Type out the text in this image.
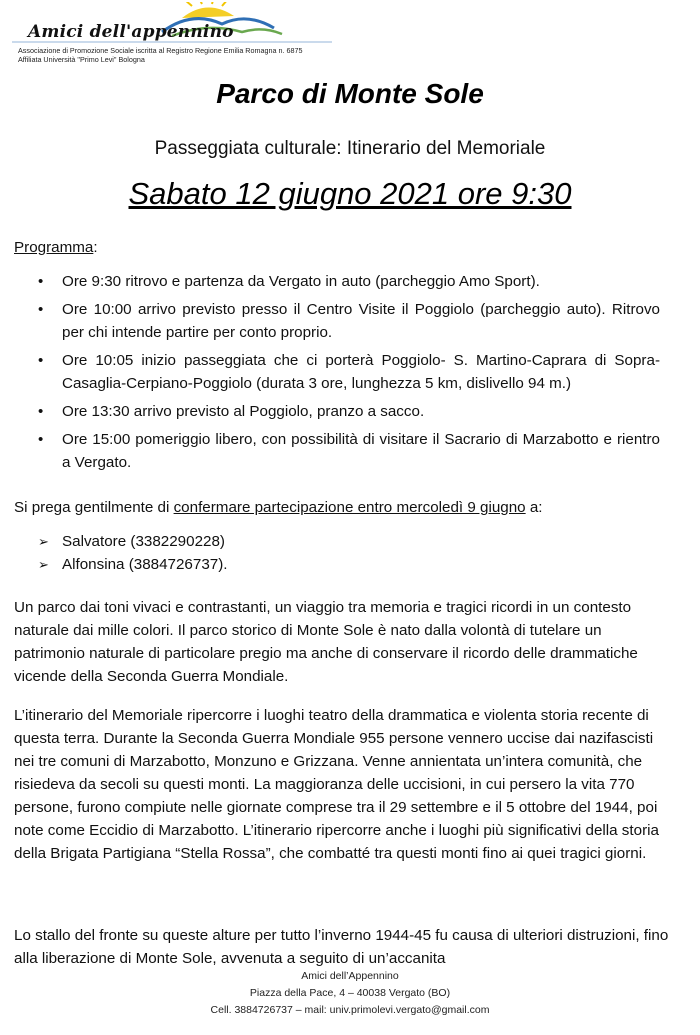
Amici dell'appennino
Associazione di Promozione Sociale iscritta al Registro Regione Emilia Romagna n. 6875
Affiliata Università "Primo Levi" Bologna
Parco di Monte Sole
Passeggiata culturale: Itinerario del Memoriale
Sabato 12 giugno 2021 ore 9:30
Programma:
• Ore 9:30 ritrovo e partenza da Vergato in auto (parcheggio Amo Sport).
• Ore 10:00 arrivo previsto presso il Centro Visite il Poggiolo (parcheggio auto). Ritrovo per chi intende partire per conto proprio.
• Ore 10:05 inizio passeggiata che ci porterà Poggiolo- S. Martino-Caprara di Sopra-Casaglia-Cerpiano-Poggiolo (durata 3 ore, lunghezza 5 km, dislivello 94 m.)
• Ore 13:30 arrivo previsto al Poggiolo, pranzo a sacco.
• Ore 15:00 pomeriggio libero, con possibilità di visitare il Sacrario di Marzabotto e rientro a Vergato.
Si prega gentilmente di confermare partecipazione entro mercoledì 9 giugno a:
➢ Salvatore (3382290228)
➢ Alfonsina (3884726737).
Un parco dai toni vivaci e contrastanti, un viaggio tra memoria e tragici ricordi in un contesto naturale dai mille colori. Il parco storico di Monte Sole è nato dalla volontà di tutelare un patrimonio naturale di particolare pregio ma anche di conservare il ricordo delle drammatiche vicende della Seconda Guerra Mondiale.
L’itinerario del Memoriale ripercorre i luoghi teatro della drammatica e violenta storia recente di questa terra. Durante la Seconda Guerra Mondiale 955 persone vennero uccise dai nazifascisti nei tre comuni di Marzabotto, Monzuno e Grizzana. Venne annientata un’intera comunità, che risiedeva da secoli su questi monti. La maggioranza delle uccisioni, in cui persero la vita 770 persone, furono compiute nelle giornate comprese tra il 29 settembre e il 5 ottobre del 1944, poi note come Eccidio di Marzabotto. L’itinerario ripercorre anche i luoghi più significativi della storia della Brigata Partigiana “Stella Rossa”, che combatté tra questi monti fino ai quei tragici giorni.
Lo stallo del fronte su queste alture per tutto l’inverno 1944-45 fu causa di ulteriori distruzioni, fino alla liberazione di Monte Sole, avvenuta a seguito di un’accanita
Amici dell’Appennino
Piazza della Pace, 4 – 40038 Vergato (BO)
Cell. 3884726737 – mail: univ.primolevi.vergato@gmail.com
